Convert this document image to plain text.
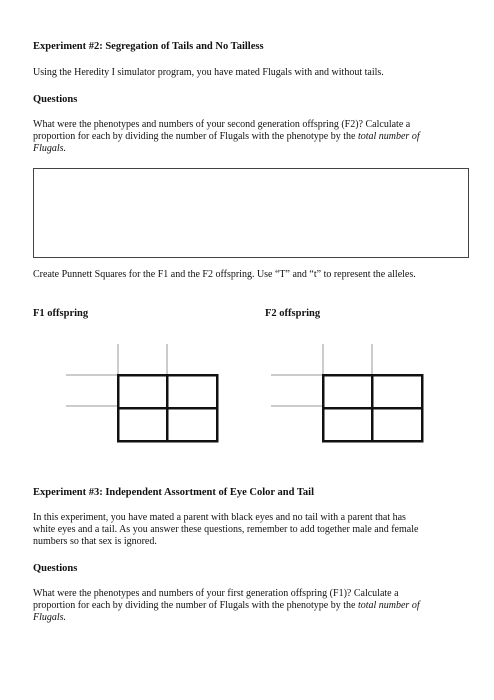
Experiment #2: Segregation of Tails and No Tailless
Using the Heredity I simulator program, you have mated Flugals with and without tails.
Questions
What were the phenotypes and numbers of your second generation offspring (F2)? Calculate a
proportion for each by dividing the number of Flugals with the phenotype by the total number of
Flugals.
Create Punnett Squares for the F1 and the F2 offspring. Use “T” and “t” to represent the alleles.
F1 offspring	F2 offspring
Experiment #3: Independent Assortment of Eye Color and Tail
In this experiment, you have mated a parent with black eyes and no tail with a parent that has
white eyes and a tail. As you answer these questions, remember to add together male and female
numbers so that sex is ignored.
Questions
What were the phenotypes and numbers of your first generation offspring (F1)? Calculate a
proportion for each by dividing the number of Flugals with the phenotype by the total number of
Flugals.
